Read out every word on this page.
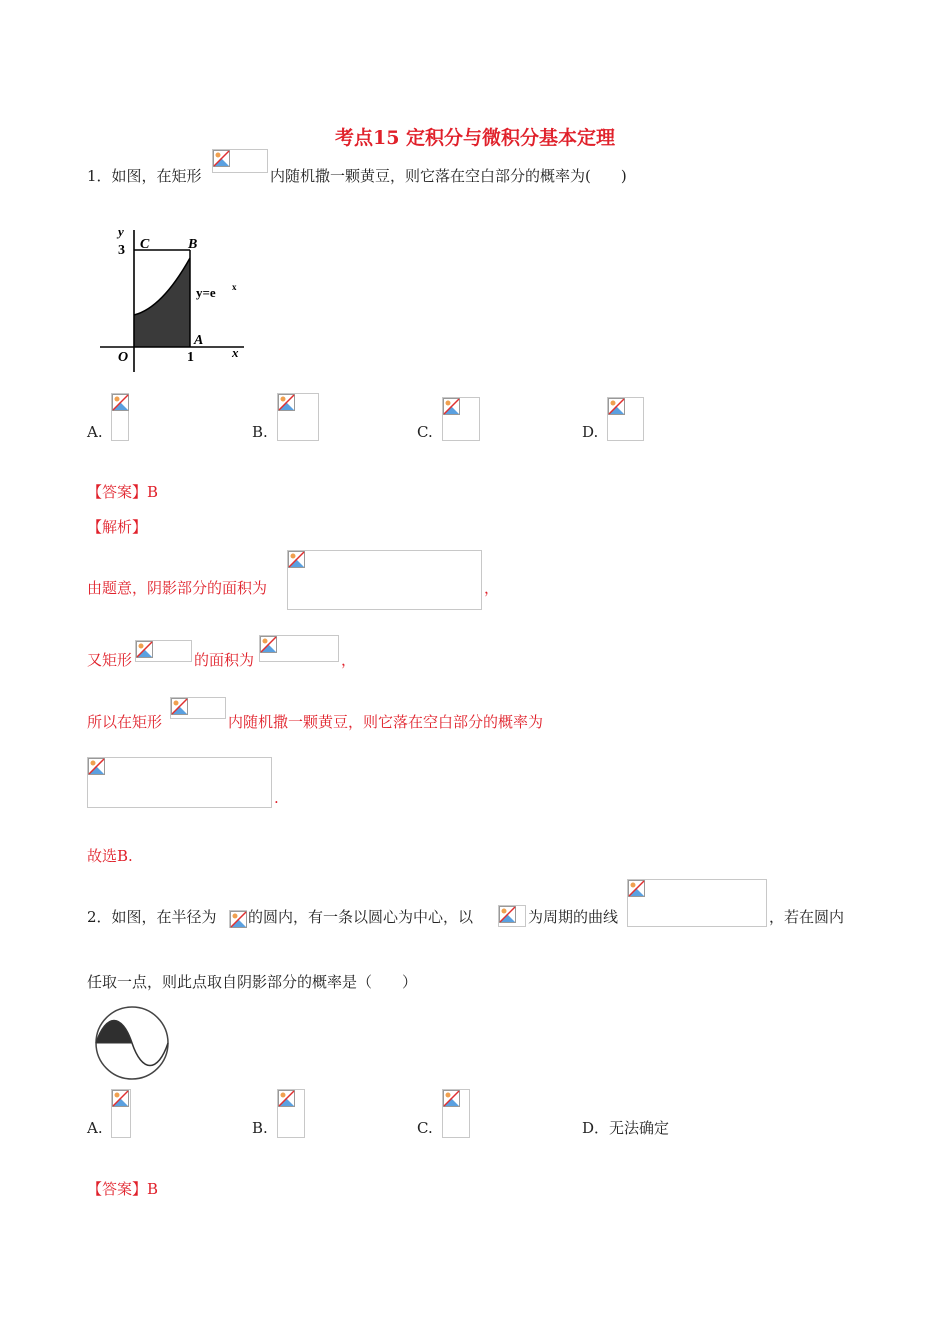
考点15 定积分与微积分基本定理
1．如图，在矩形	内随机撒一颗黄豆，则它落在空白部分的概率为(　　)
y
x
3 C	B
A
O	1
y=e x
A.	B.	C.	D.
【答案】B
【解析】
由题意，阴影部分的面积为	，
又矩形	的面积为	，
所以在矩形	内随机撒一颗黄豆，则它落在空白部分的概率为
.
故选B.
2．如图，在半径为 的圆内，有一条以圆心为中心，以	为周期的曲线	，若在圆内
任取一点，则此点取自阴影部分的概率是（　　）
A.	B.	C.	D．无法确定
【答案】B
